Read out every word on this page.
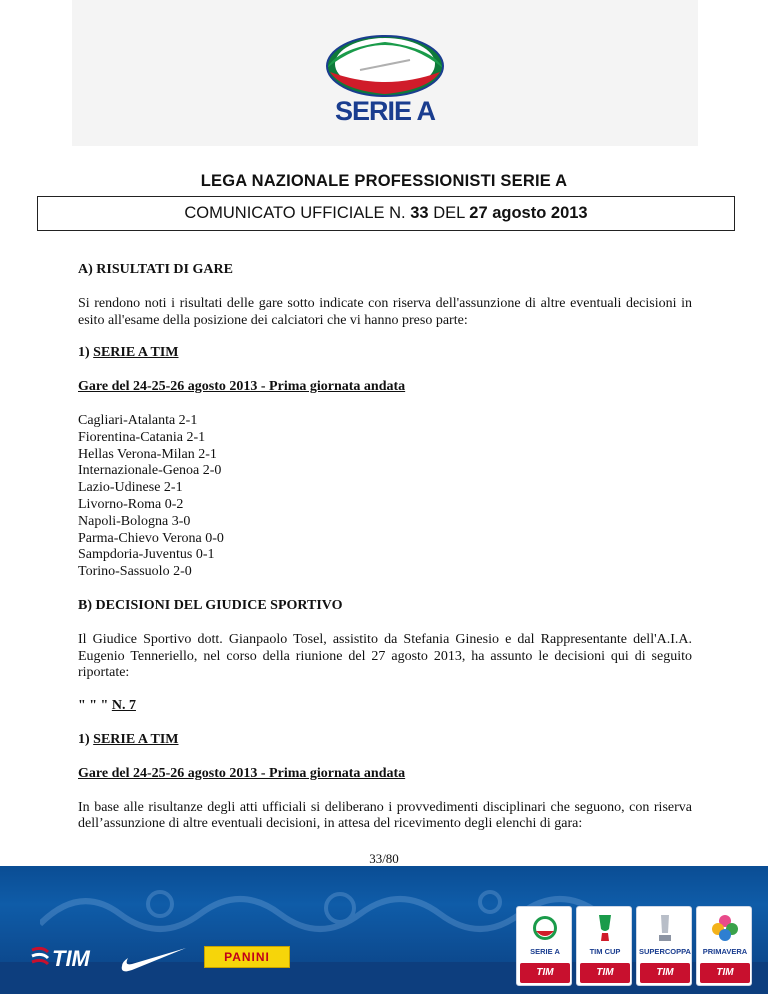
SERIE A
LEGA NAZIONALE PROFESSIONISTI SERIE A
COMUNICATO UFFICIALE N. 33 DEL 27 agosto 2013

A) RISULTATI DI GARE

Si rendono noti i risultati delle gare sotto indicate con riserva dell'assunzione di altre eventuali decisioni in esito all'esame della posizione dei calciatori che vi hanno preso parte:

1) SERIE A TIM

Gare del 24-25-26 agosto 2013 - Prima giornata andata

Cagliari-Atalanta 2-1
Fiorentina-Catania 2-1
Hellas Verona-Milan 2-1
Internazionale-Genoa 2-0
Lazio-Udinese 2-1
Livorno-Roma 0-2
Napoli-Bologna 3-0
Parma-Chievo Verona 0-0
Sampdoria-Juventus 0-1
Torino-Sassuolo 2-0

B) DECISIONI DEL GIUDICE SPORTIVO

Il Giudice Sportivo dott. Gianpaolo Tosel, assistito da Stefania Ginesio e dal Rappresentante dell'A.I.A. Eugenio Tenneriello, nel corso della riunione del 27 agosto 2013, ha assunto le decisioni qui di seguito riportate:

" " " N. 7

1) SERIE A TIM

Gare del 24-25-26 agosto 2013 - Prima giornata andata

In base alle risultanze degli atti ufficiali si deliberano i provvedimenti disciplinari che seguono, con riserva dell’assunzione di altre eventuali decisioni, in attesa del ricevimento degli elenchi di gara:

33/80
TIM	PANINI	SERIE A
TIM
TIM CUP
TIM
SUPERCOPPA
TIM
PRIMAVERA
TIM
